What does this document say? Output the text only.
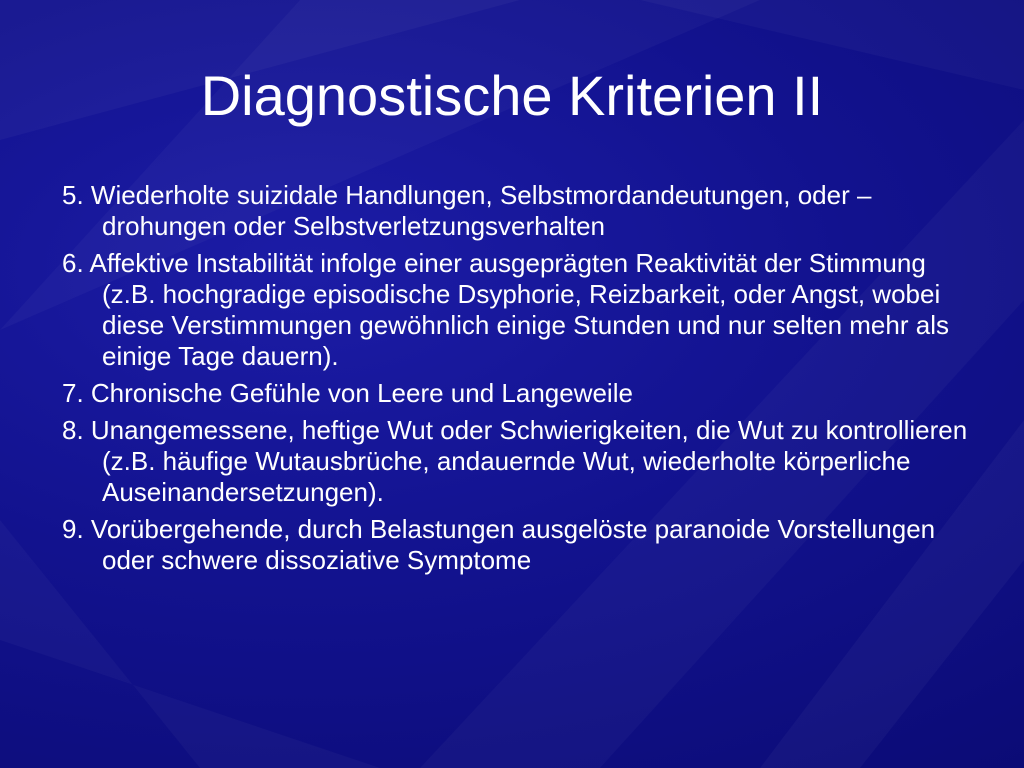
Diagnostische Kriterien II
5. Wiederholte suizidale Handlungen, Selbstmordandeutungen, oder –drohungen oder Selbstverletzungsverhalten
6. Affektive Instabilität infolge einer ausgeprägten Reaktivität der Stimmung (z.B. hochgradige episodische Dsyphorie, Reizbarkeit, oder Angst, wobei diese Verstimmungen gewöhnlich einige Stunden und nur selten mehr als einige Tage dauern).
7. Chronische Gefühle von Leere und Langeweile
8. Unangemessene, heftige Wut oder Schwierigkeiten, die Wut zu kontrollieren (z.B. häufige Wutausbrüche, andauernde Wut, wiederholte körperliche Auseinandersetzungen).
9. Vorübergehende, durch Belastungen ausgelöste paranoide Vorstellungen oder schwere dissoziative Symptome
